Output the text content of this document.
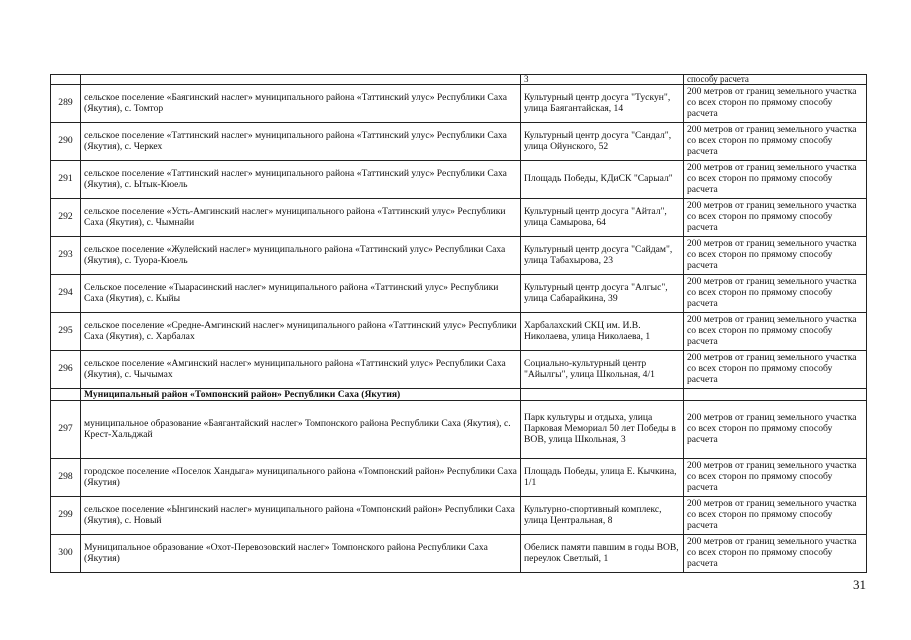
		3	способу расчета
289	сельское поселение «Баягинский наслег» муниципального района «Таттинский улус» Республики Саха (Якутия), с. Томтор	Культурный центр досуга "Тускун", улица Баягантайская, 14	200 метров от границ земельного участка со всех сторон по прямому способу расчета
290	сельское поселение «Таттинский наслег» муниципального района «Таттинский улус» Республики Саха (Якутия), с. Черкех	Культурный центр досуга "Сандал", улица Ойунского, 52	200 метров от границ земельного участка со всех сторон по прямому способу расчета
291	сельское поселение «Таттинский наслег» муниципального района «Таттинский улус» Республики Саха (Якутия), с. Ытык-Кюель	Площадь Победы, КДиСК "Сарыал"	200 метров от границ земельного участка со всех сторон по прямому способу расчета
292	сельское поселение «Усть-Амгинский наслег» муниципального района «Таттинский улус» Республики Саха (Якутия), с. Чымнайи	Культурный центр досуга "Айтал", улица Самырова, 64	200 метров от границ земельного участка со всех сторон по прямому способу расчета
293	сельское поселение «Жулейский наслег» муниципального района «Таттинский улус» Республики Саха (Якутия), с. Туора-Кюель	Культурный центр досуга "Сайдам", улица Табахырова, 23	200 метров от границ земельного участка со всех сторон по прямому способу расчета
294	Сельское поселение «Тыарасинский наслег» муниципального района «Таттинский улус» Республики Саха (Якутия), с. Кыйы	Культурный центр досуга "Алгыс", улица Сабарайкина, 39	200 метров от границ земельного участка со всех сторон по прямому способу расчета
295	сельское поселение «Средне-Амгинский наслег» муниципального района «Таттинский улус» Республики Саха (Якутия), с. Харбалах	Харбалахский СКЦ им. И.В. Николаева, улица Николаева, 1	200 метров от границ земельного участка со всех сторон по прямому способу расчета
296	сельское поселение «Амгинский наслег» муниципального района «Таттинский улус» Республики Саха (Якутия), с. Чычымах	Социально-культурный центр "Айылгы", улица Школьная, 4/1	200 метров от границ земельного участка со всех сторон по прямому способу расчета
	Муниципальный район «Томпонский район» Республики Саха (Якутия)		
297	муниципальное образование «Баягантайский наслег» Томпонского района Республики Саха (Якутия), с. Крест-Хальджай	Парк культуры и отдыха, улица Парковая Мемориал 50 лет Победы в ВОВ, улица Школьная, 3	200 метров от границ земельного участка со всех сторон по прямому способу расчета
298	городское поселение «Поселок Хандыга» муниципального района «Томпонский район» Республики Саха (Якутия)	Площадь Победы, улица Е. Кычкина, 1/1	200 метров от границ земельного участка со всех сторон по прямому способу расчета
299	сельское поселение «Ынгинский наслег» муниципального района «Томпонский район» Республики Саха (Якутия), с. Новый	Культурно-спортивный комплекс, улица Центральная, 8	200 метров от границ земельного участка со всех сторон по прямому способу расчета
300	Муниципальное образование «Охот-Перевозовский наслег» Томпонского района Республики Саха (Якутия)	Обелиск памяти павшим в годы ВОВ, переулок Светлый, 1	200 метров от границ земельного участка со всех сторон по прямому способу расчета
31
